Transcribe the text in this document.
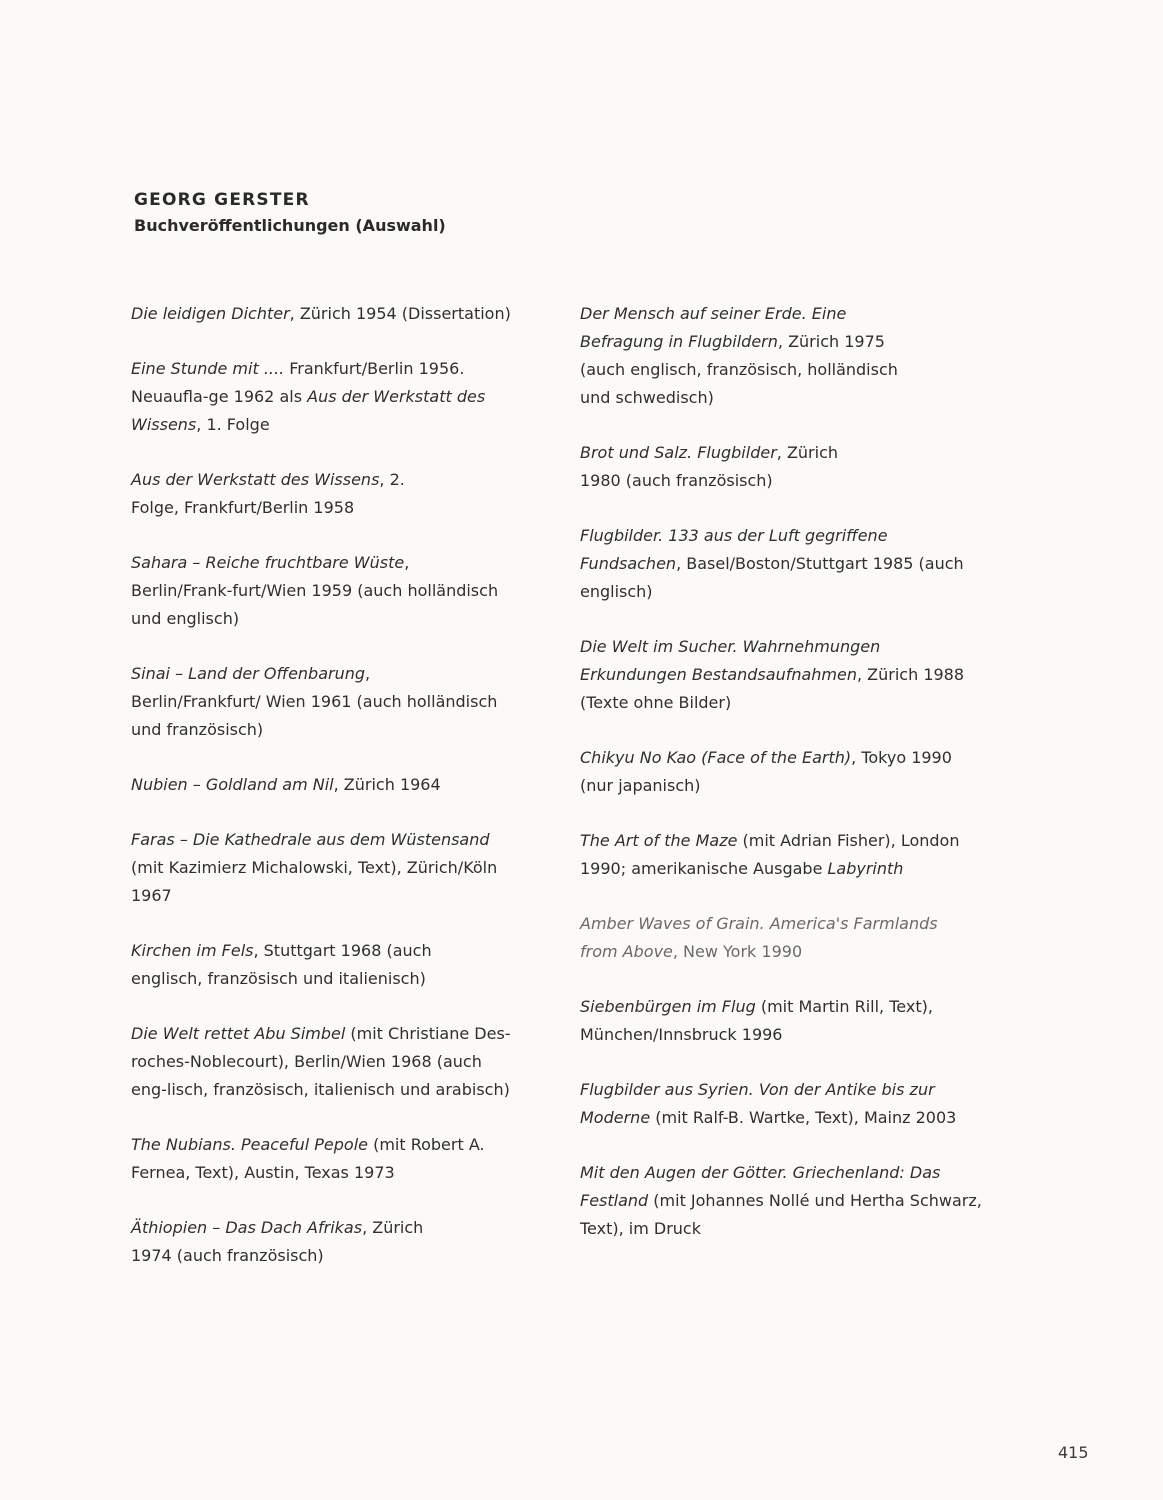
GEORG GERSTER

Buchveröffentlichungen (Auswahl)

Die leidigen Dichter, Zürich 1954 (Dissertation)

Eine Stunde mit .... Frankfurt/Berlin 1956. Neuaufla-ge 1962 als Aus der Werkstatt des Wissens, 1. Folge

Aus der Werkstatt des Wissens, 2. Folge, Frankfurt/Berlin 1958

Sahara – Reiche fruchtbare Wüste, Berlin/Frank-furt/Wien 1959 (auch holländisch und englisch)

Sinai – Land der Offenbarung, Berlin/Frankfurt/ Wien 1961 (auch holländisch und französisch)

Nubien – Goldland am Nil, Zürich 1964

Faras – Die Kathedrale aus dem Wüstensand (mit Kazimierz Michalowski, Text), Zürich/Köln 1967

Kirchen im Fels, Stuttgart 1968 (auch englisch, französisch und italienisch)

Die Welt rettet Abu Simbel (mit Christiane Des-roches-Noblecourt), Berlin/Wien 1968 (auch eng-lisch, französisch, italienisch und arabisch)

The Nubians. Peaceful Pepole (mit Robert A. Fernea, Text), Austin, Texas 1973

Äthiopien – Das Dach Afrikas, Zürich 1974 (auch französisch)

Der Mensch auf seiner Erde. Eine Befragung in Flugbildern, Zürich 1975 (auch englisch, französisch, holländisch und schwedisch)

Brot und Salz. Flugbilder, Zürich 1980 (auch französisch)

Flugbilder. 133 aus der Luft gegriffene Fundsachen, Basel/Boston/Stuttgart 1985 (auch englisch)

Die Welt im Sucher. Wahrnehmungen Erkundungen Bestandsaufnahmen, Zürich 1988 (Texte ohne Bilder)

Chikyu No Kao (Face of the Earth), Tokyo 1990 (nur japanisch)

The Art of the Maze (mit Adrian Fisher), London 1990; amerikanische Ausgabe Labyrinth

Amber Waves of Grain. America's Farmlands from Above, New York 1990

Siebenbürgen im Flug (mit Martin Rill, Text), München/Innsbruck 1996

Flugbilder aus Syrien. Von der Antike bis zur Moderne (mit Ralf-B. Wartke, Text), Mainz 2003

Mit den Augen der Götter. Griechenland: Das Festland (mit Johannes Nollé und Hertha Schwarz, Text), im Druck

415
